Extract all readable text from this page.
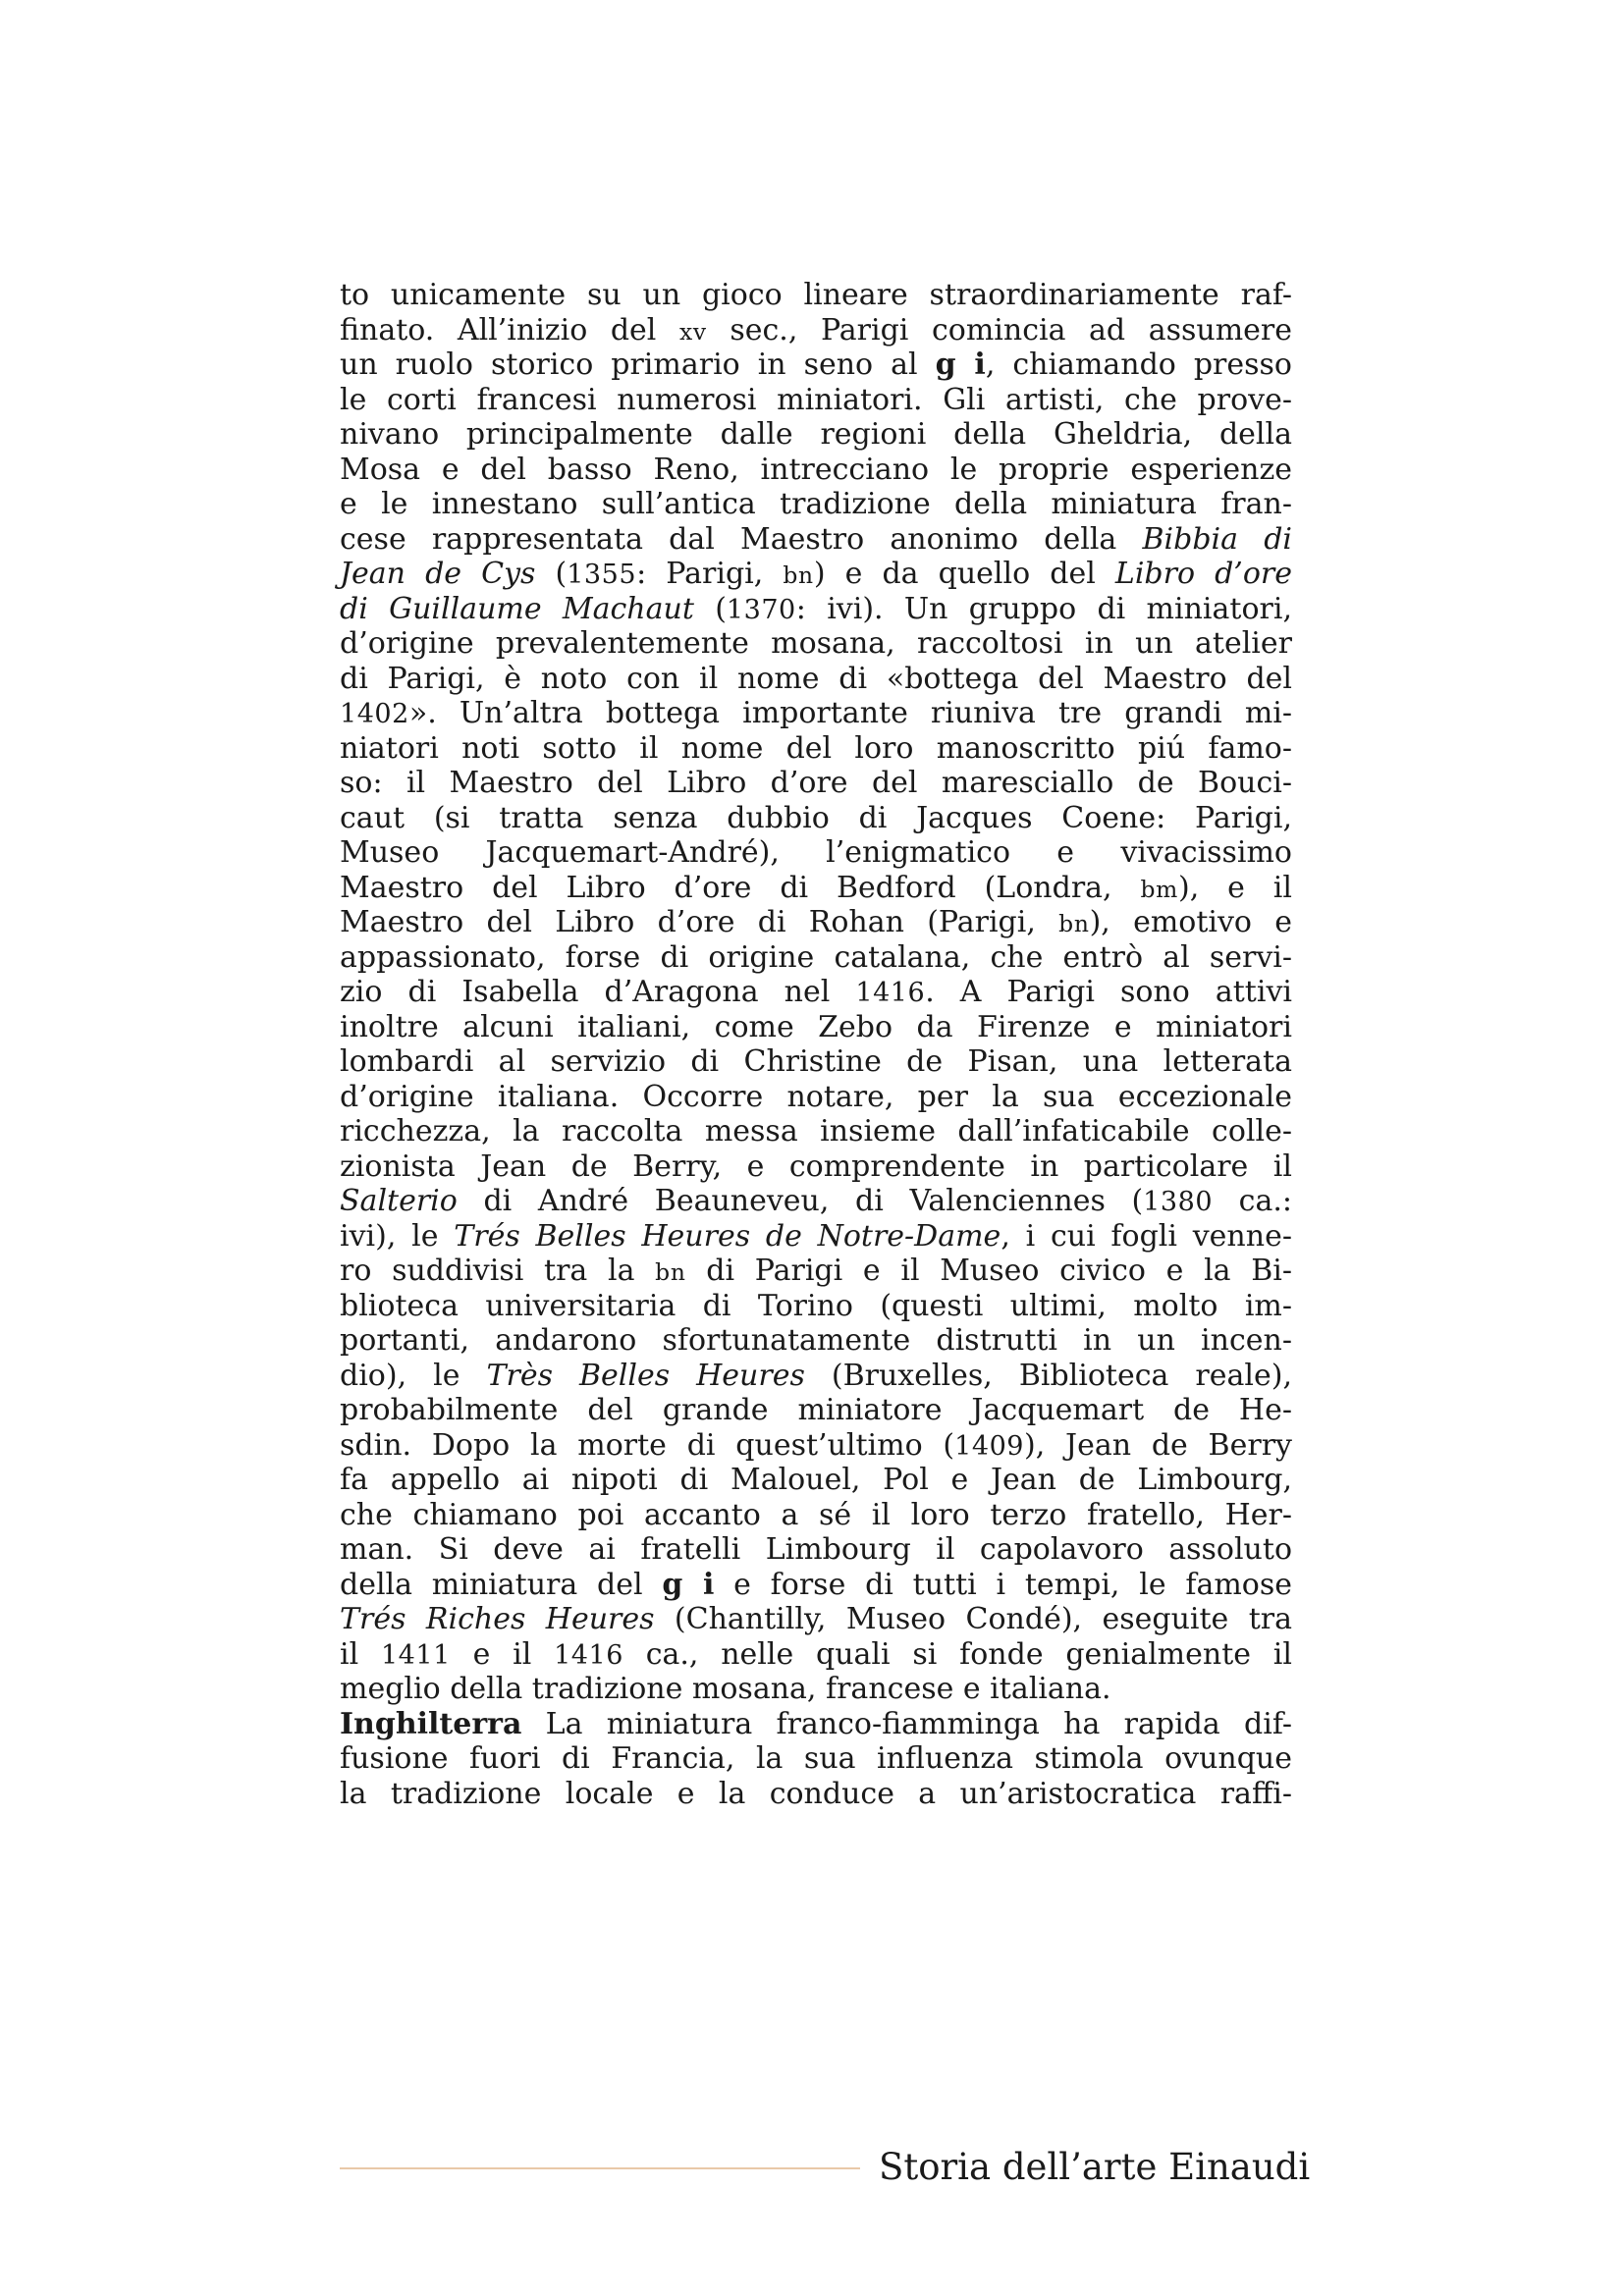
to unicamente su un gioco lineare straordinariamente raf-
finato. All’inizio del xv sec., Parigi comincia ad assumere
un ruolo storico primario in seno al g i, chiamando presso
le corti francesi numerosi miniatori. Gli artisti, che prove-
nivano principalmente dalle regioni della Gheldria, della
Mosa e del basso Reno, intrecciano le proprie esperienze
e le innestano sull’antica tradizione della miniatura fran-
cese rappresentata dal Maestro anonimo della Bibbia di
Jean de Cys (1355: Parigi, bn) e da quello del Libro d’ore
di Guillaume Machaut (1370: ivi). Un gruppo di miniatori,
d’origine prevalentemente mosana, raccoltosi in un atelier
di Parigi, è noto con il nome di «bottega del Maestro del
1402». Un’altra bottega importante riuniva tre grandi mi-
niatori noti sotto il nome del loro manoscritto piú famo-
so: il Maestro del Libro d’ore del maresciallo de Bouci-
caut (si tratta senza dubbio di Jacques Coene: Parigi,
Museo Jacquemart-André), l’enigmatico e vivacissimo
Maestro del Libro d’ore di Bedford (Londra, bm), e il
Maestro del Libro d’ore di Rohan (Parigi, bn), emotivo e
appassionato, forse di origine catalana, che entrò al servi-
zio di Isabella d’Aragona nel 1416. A Parigi sono attivi
inoltre alcuni italiani, come Zebo da Firenze e miniatori
lombardi al servizio di Christine de Pisan, una letterata
d’origine italiana. Occorre notare, per la sua eccezionale
ricchezza, la raccolta messa insieme dall’infaticabile colle-
zionista Jean de Berry, e comprendente in particolare il
Salterio di André Beauneveu, di Valenciennes (1380 ca.:
ivi), le Trés Belles Heures de Notre-Dame, i cui fogli venne-
ro suddivisi tra la bn di Parigi e il Museo civico e la Bi-
blioteca universitaria di Torino (questi ultimi, molto im-
portanti, andarono sfortunatamente distrutti in un incen-
dio), le Très Belles Heures (Bruxelles, Biblioteca reale),
probabilmente del grande miniatore Jacquemart de He-
sdin. Dopo la morte di quest’ultimo (1409), Jean de Berry
fa appello ai nipoti di Malouel, Pol e Jean de Limbourg,
che chiamano poi accanto a sé il loro terzo fratello, Her-
man. Si deve ai fratelli Limbourg il capolavoro assoluto
della miniatura del g i e forse di tutti i tempi, le famose
Trés Riches Heures (Chantilly, Museo Condé), eseguite tra
il 1411 e il 1416 ca., nelle quali si fonde genialmente il
meglio della tradizione mosana, francese e italiana.
Inghilterra La miniatura franco-fiamminga ha rapida dif-
fusione fuori di Francia, la sua influenza stimola ovunque
la tradizione locale e la conduce a un’aristocratica raffi-
Storia dell’arte Einaudi
